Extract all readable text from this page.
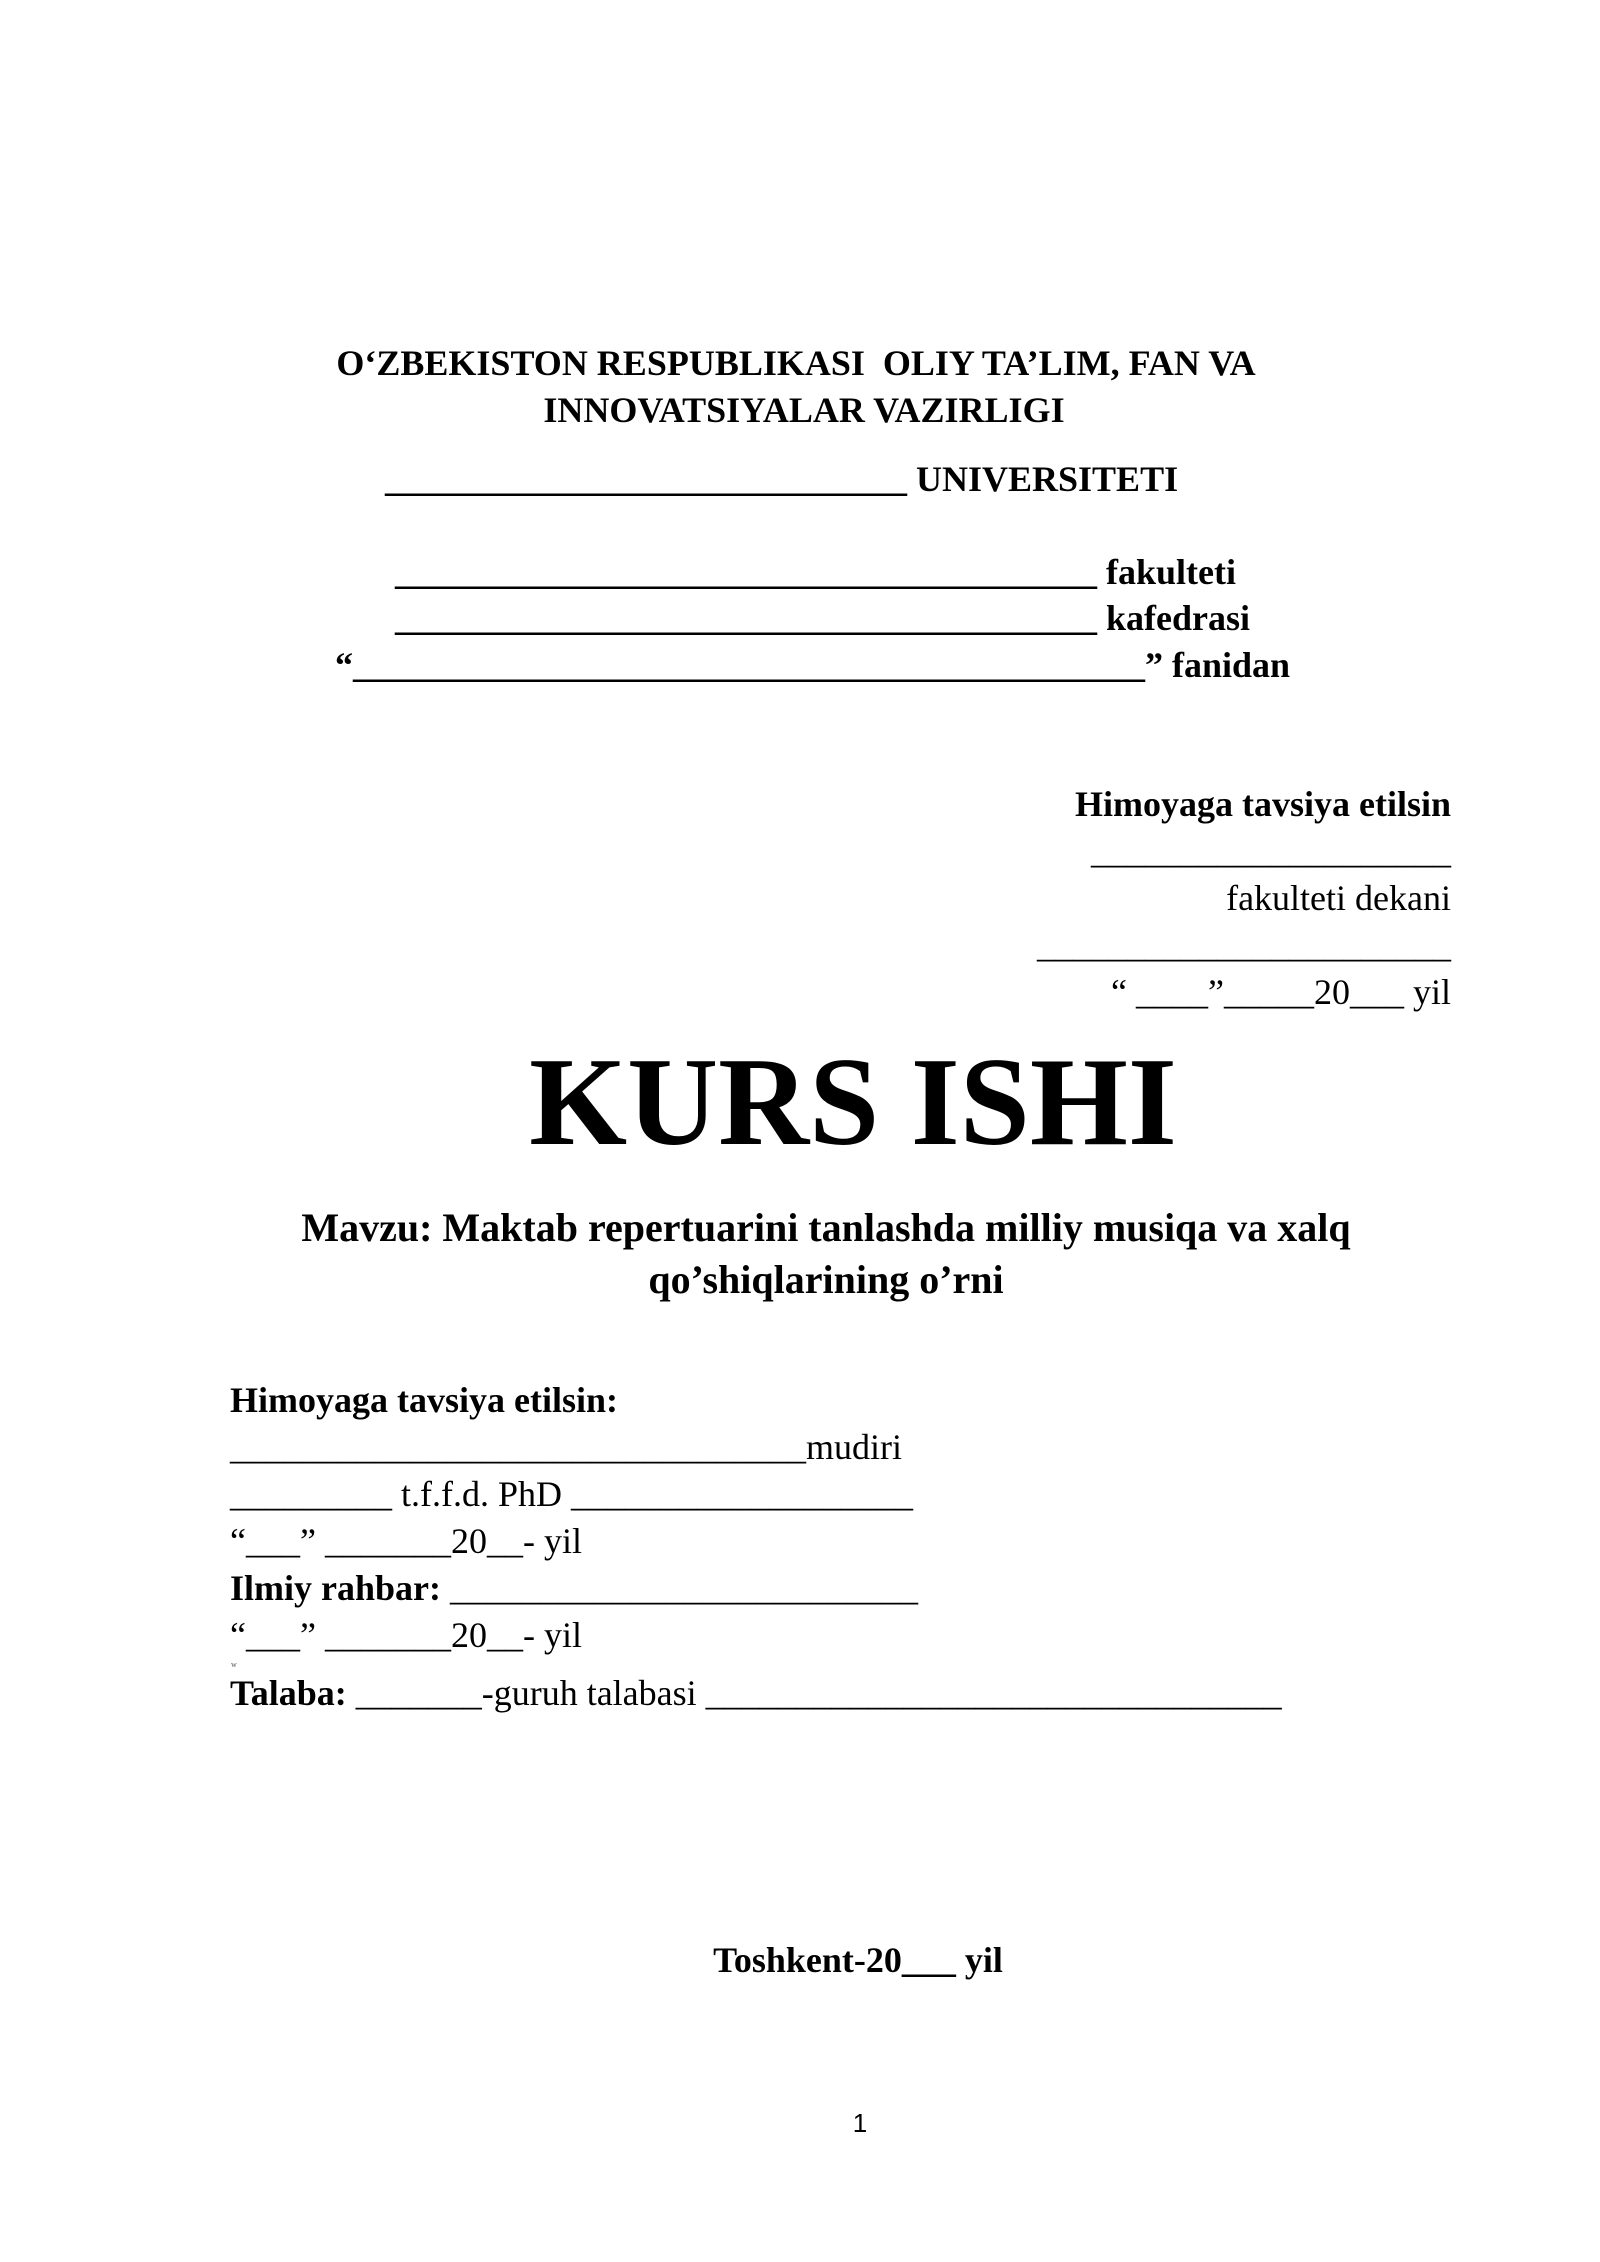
O‘ZBEKISTON RESPUBLIKASI  OLIY TA’LIM, FAN VA
INNOVATSIYALAR VAZIRLIGI
_____________________________ UNIVERSITETI
_______________________________________ fakulteti
_______________________________________ kafedrasi
“____________________________________________” fanidan
Himoyaga tavsiya etilsin
____________________
fakulteti dekani
_______________________
“ ____”_____20___ yil
KURS ISHI
Mavzu: Maktab repertuarini tanlashda milliy musiqa va xalq
qo’shiqlarining o’rni
Himoyaga tavsiya etilsin:
________________________________mudiri
_________ t.f.f.d. PhD ___________________
“___” _______20__- yil
Ilmiy rahbar: __________________________
“___” _______20__- yil
w
Talaba: _______-guruh talabasi ________________________________
Toshkent-20___ yil
1
